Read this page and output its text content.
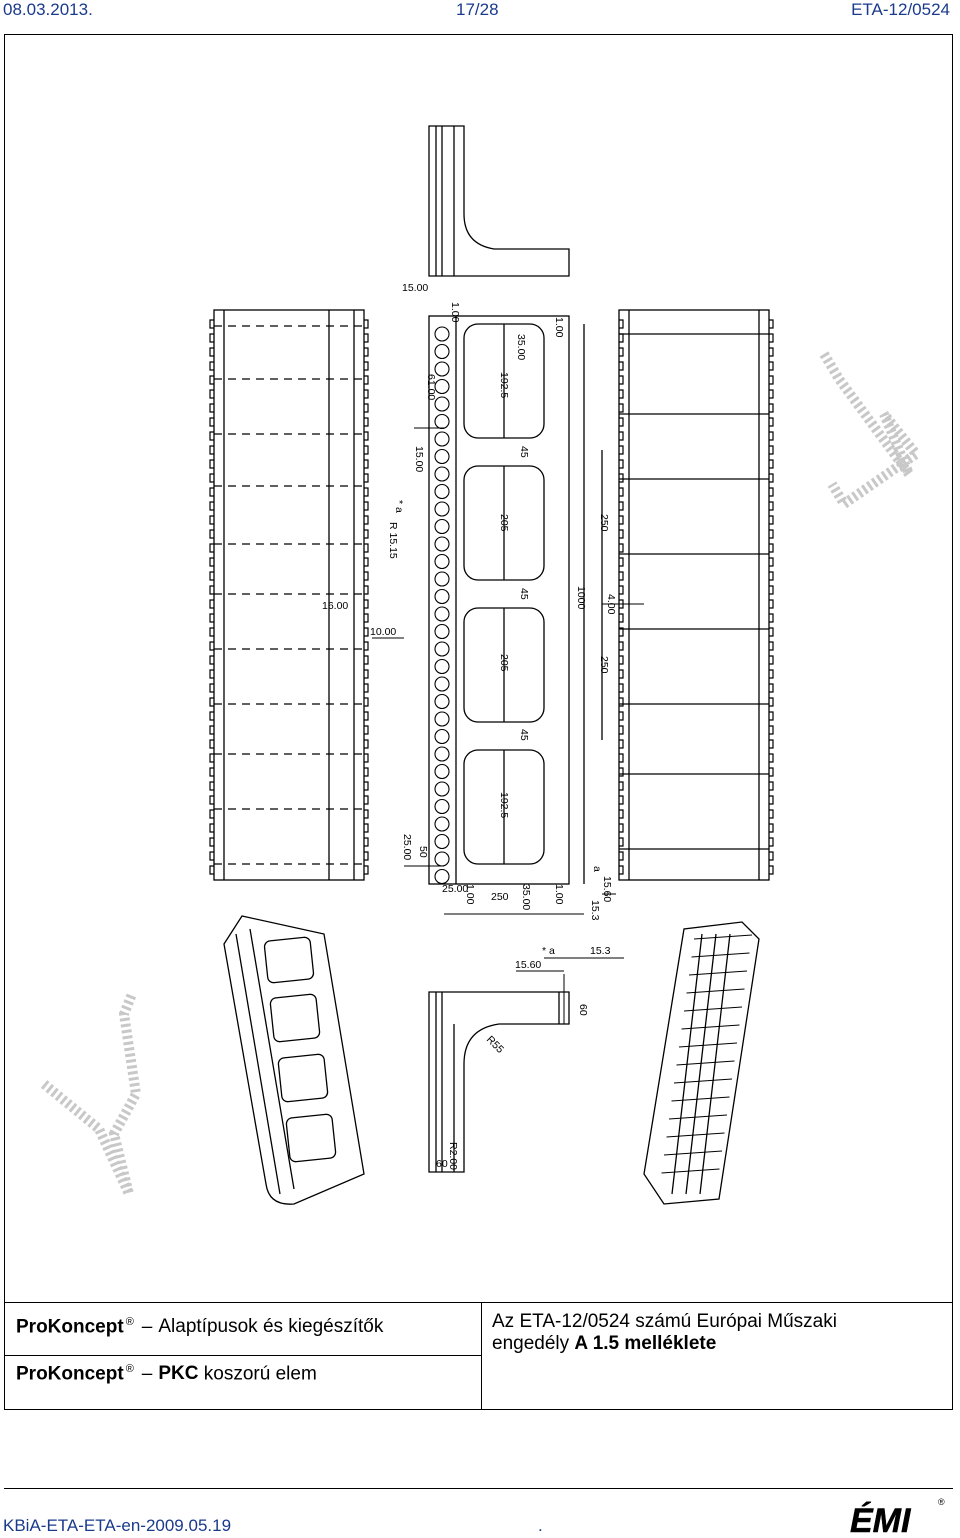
08.03.2013.	17/28	ETA-12/0524
15.00
1.00
1.00
35.00
192.5
45
205
45
205
45
192.5
1000
250
250
4.00
10.00
16.00
15.00
25.00
25.00
1.00 250 35.00 1.00	15.60
15.3
15.60
15.3
60
R55
R2.00
60
R 15.15
* a
* a
a
61.00
50
ProKoncept ® – Alaptípusok és kiegészítők
ProKoncept ® – PKC koszorú elem
Az ETA-12/0524 számú Európai Műszaki
engedély A 1.5 melléklete
KBiA-ETA-ETA-en-2009.05.19	.	ÉMI	®
